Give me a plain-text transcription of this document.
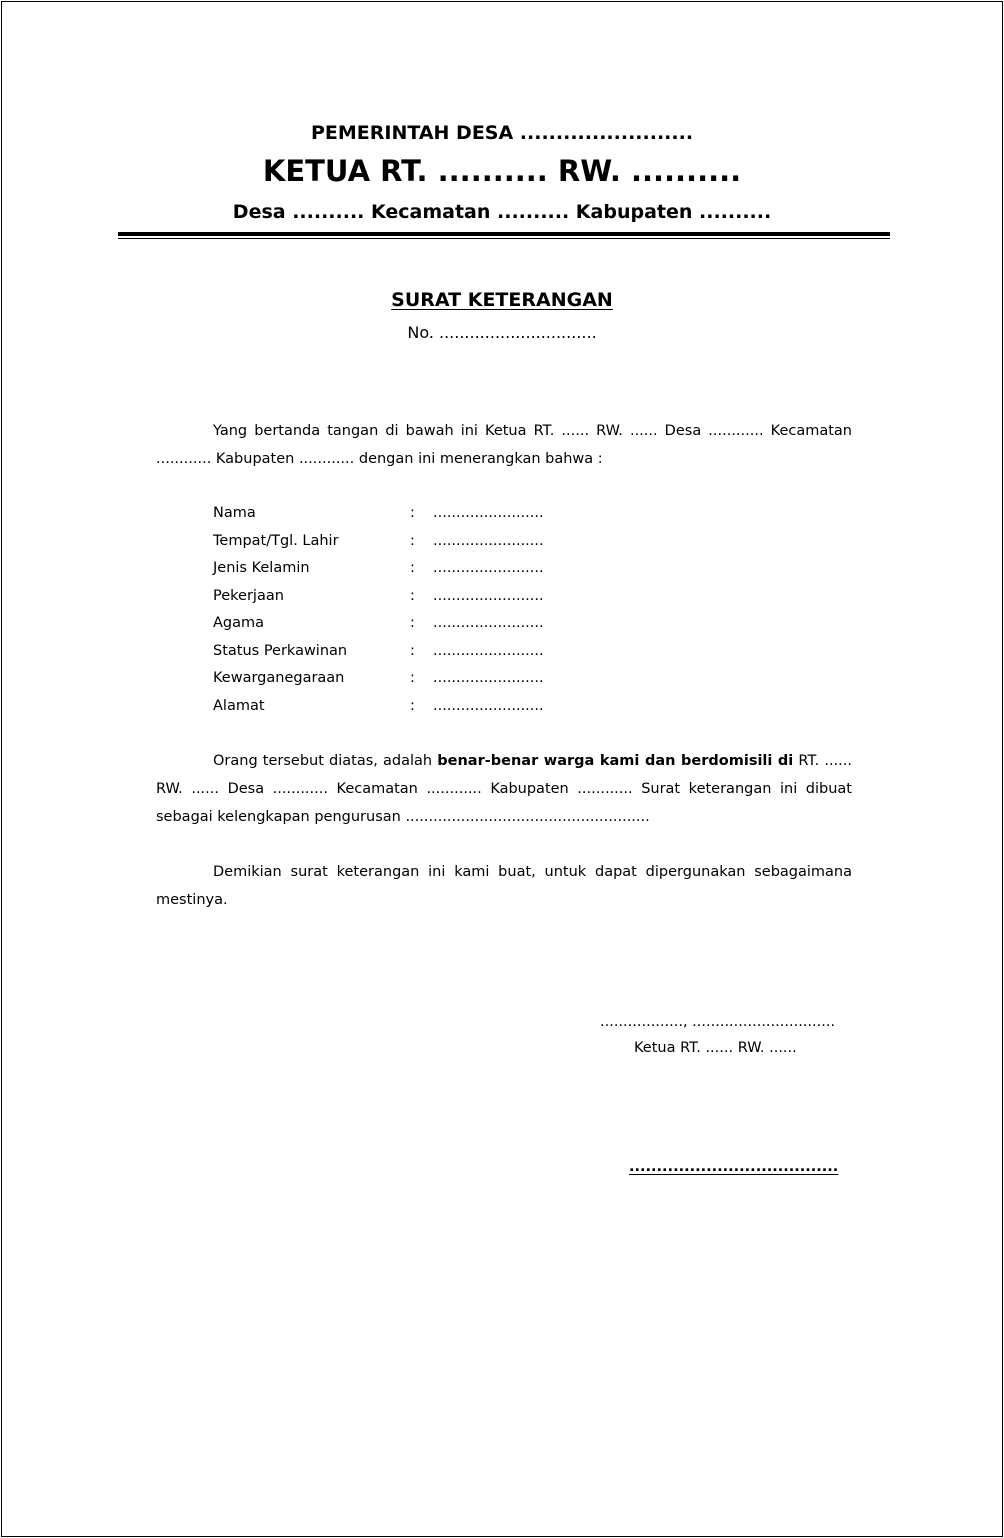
PEMERINTAH DESA ........................
KETUA RT. .......... RW. ..........
Desa .......... Kecamatan .......... Kabupaten ..........
SURAT KETERANGAN
No. ...............................
Yang bertanda tangan di bawah ini Ketua RT. ...... RW. ...... Desa ............ Kecamatan ............ Kabupaten ............ dengan ini menerangkan bahwa :
Nama	: ........................
Tempat/Tgl. Lahir	: ........................
Jenis Kelamin	: ........................
Pekerjaan	: ........................
Agama	: ........................
Status Perkawinan	: ........................
Kewarganegaraan	: ........................
Alamat	: ........................
Orang tersebut diatas, adalah benar-benar warga kami dan berdomisili di RT. ...... RW. ...... Desa ............ Kecamatan ............ Kabupaten ............ Surat keterangan ini dibuat sebagai kelengkapan pengurusan .....................................................
Demikian surat keterangan ini kami buat, untuk dapat dipergunakan sebagaimana mestinya.
.................., ...............................
Ketua RT. ...... RW. ......
......................................
